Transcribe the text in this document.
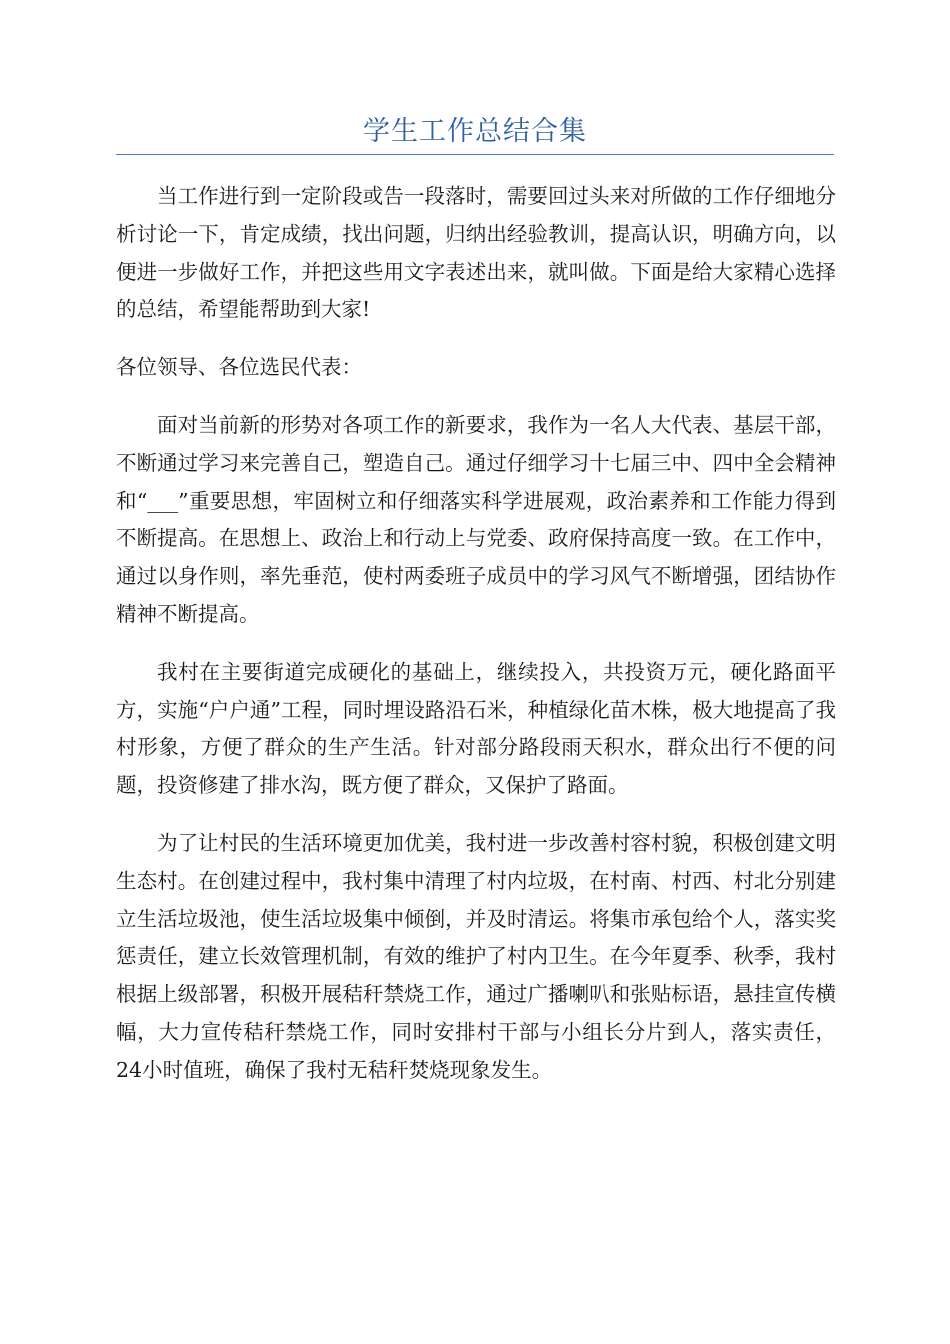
学生工作总结合集

当工作进行到一定阶段或告一段落时，需要回过头来对所做的工作仔细地分析讨论一下，肯定成绩，找出问题，归纳出经验教训，提高认识，明确方向，以便进一步做好工作，并把这些用文字表述出来，就叫做。下面是给大家精心选择的总结，希望能帮助到大家!

各位领导、各位选民代表：

面对当前新的形势对各项工作的新要求，我作为一名人大代表、基层干部，不断通过学习来完善自己，塑造自己。通过仔细学习十七届三中、四中全会精神和“___”重要思想，牢固树立和仔细落实科学进展观，政治素养和工作能力得到不断提高。在思想上、政治上和行动上与党委、政府保持高度一致。在工作中，通过以身作则，率先垂范，使村两委班子成员中的学习风气不断增强，团结协作精神不断提高。

我村在主要街道完成硬化的基础上，继续投入，共投资万元，硬化路面平方，实施“户户通”工程，同时埋设路沿石米，种植绿化苗木株，极大地提高了我村形象，方便了群众的生产生活。针对部分路段雨天积水，群众出行不便的问题，投资修建了排水沟，既方便了群众，又保护了路面。

为了让村民的生活环境更加优美，我村进一步改善村容村貌，积极创建文明生态村。在创建过程中，我村集中清理了村内垃圾，在村南、村西、村北分别建立生活垃圾池，使生活垃圾集中倾倒，并及时清运。将集市承包给个人，落实奖惩责任，建立长效管理机制，有效的维护了村内卫生。在今年夏季、秋季，我村根据上级部署，积极开展秸秆禁烧工作，通过广播喇叭和张贴标语，悬挂宣传横幅，大力宣传秸秆禁烧工作，同时安排村干部与小组长分片到人，落实责任，24小时值班，确保了我村无秸秆焚烧现象发生。
